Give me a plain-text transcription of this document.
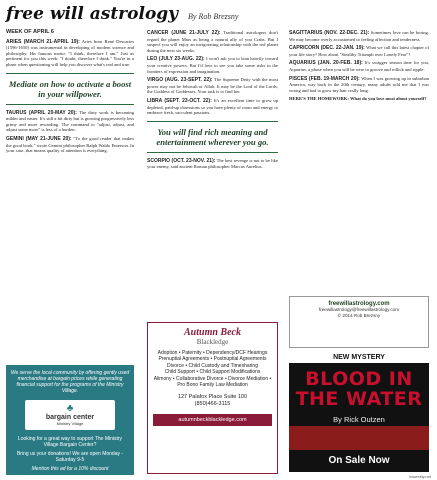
free will astrology By Rob Brezsny
WEEK OF APRIL 6
ARIES (MARCH 21-APRIL 19): Aries born René Descartes (1596-1650) was instrumental in developing of modern science and philosophy. His famous motto: "I think, therefore I am." Just as pertinent for you this week: "I doubt, therefore I think." You're in a phase when questioning will help you discover what's real and true.
Mediate on how to activate a boost in your willpower.
TAURUS (APRIL 20-MAY 20): The dirty work is becoming milder and easier. It's still a bit dirty but is growing progressively less grimy and more rewarding. The command to "adjust, adjust, and adjust some more" is less of a burden.
GEMINI (MAY 21-JUNE 20): "To the good reader that makes the good book," wrote Gemini philosopher Ralph Waldo Emerson. In your case, that means quality of attention is everything.
CANCER (JUNE 21-JULY 22): Traditional astrologers don't regard the planet Mars as being a natural ally of you Crabs. But I suspect you will enjoy an invigorating relationship with the red planet during the next six weeks.
LEO (JULY 23-AUG. 22): I won't ask you to lean heavily toward your creative powers. But I'd love to see you take some risks in the frontiers of expression and imagination.
VIRGO (AUG. 23-SEPT. 22): The Supreme Deity with the most power may not be Jehovah or Allah. It may be the Lord of the Lords, the Goddess of Goddesses. Your task is to find her.
LIBRA (SEPT. 23-OCT. 22): It's an excellent time to grow up depleted, paid-up obsessions so you have plenty of room and energy to embrace fresh, succulent passions.
You will find rich meaning and entertainment wherever you go.
SCORPIO (OCT. 23-NOV. 21): The best revenge is not to be like your enemy, said ancient Roman philosopher Marcus Aurelius.
SAGITTARIUS (NOV. 22-DEC. 21): Sometimes love can be boring. We may become overly accustomed to feeling affection and tenderness.
CAPRICORN (DEC. 22-JAN. 19): What we call this latest chapter of your life story? How about "Stealthy Triumph over Lonely Fear"?
AQUARIUS (JAN. 20-FEB. 18): It's swagger season time for you, Aquarius, a phase when you will be wise to groove and rollick and ripple.
PISCES (FEB. 19-MARCH 20): When I was growing up in suburban America, way back in the 20th century, many adults told me that I was wrong and bad to grow my hair really long.
HERE'S THE HOMEWORK: What do you love most about yourself?
freewillastrology.com
freewillastrology@freewillastrology.com
© 2014 Rob Brezsny
We serve the local community by offering gently used merchandise at bargain prices while generating financial support for the programs of the Ministry Village.
♣
bargain center
Ministry Village
Looking for a great way to support The Ministry Village Bargain Center?
Bring us your donations! We are open Monday - Saturday 9-5
Mention this ad for a 10% discount
Autumn Beck
Blackledge
Adoption • Paternity • Dependency/DCF Hearings
Prenuptial Agreements • Postnuptial Agreements
Divorce • Child Custody and Timesharing
Child Support • Child Support Modifications
Alimony • Collaborative Divorce • Divorce Mediation • Pro Bono Family Law Mediation
127 Palafox Place Suite 100
(850)466-3115
autumnbeckblackledge.com
NEW MYSTERY
BLOOD IN THE WATER
By Rick Outzen
On Sale Now
inweekly.net
